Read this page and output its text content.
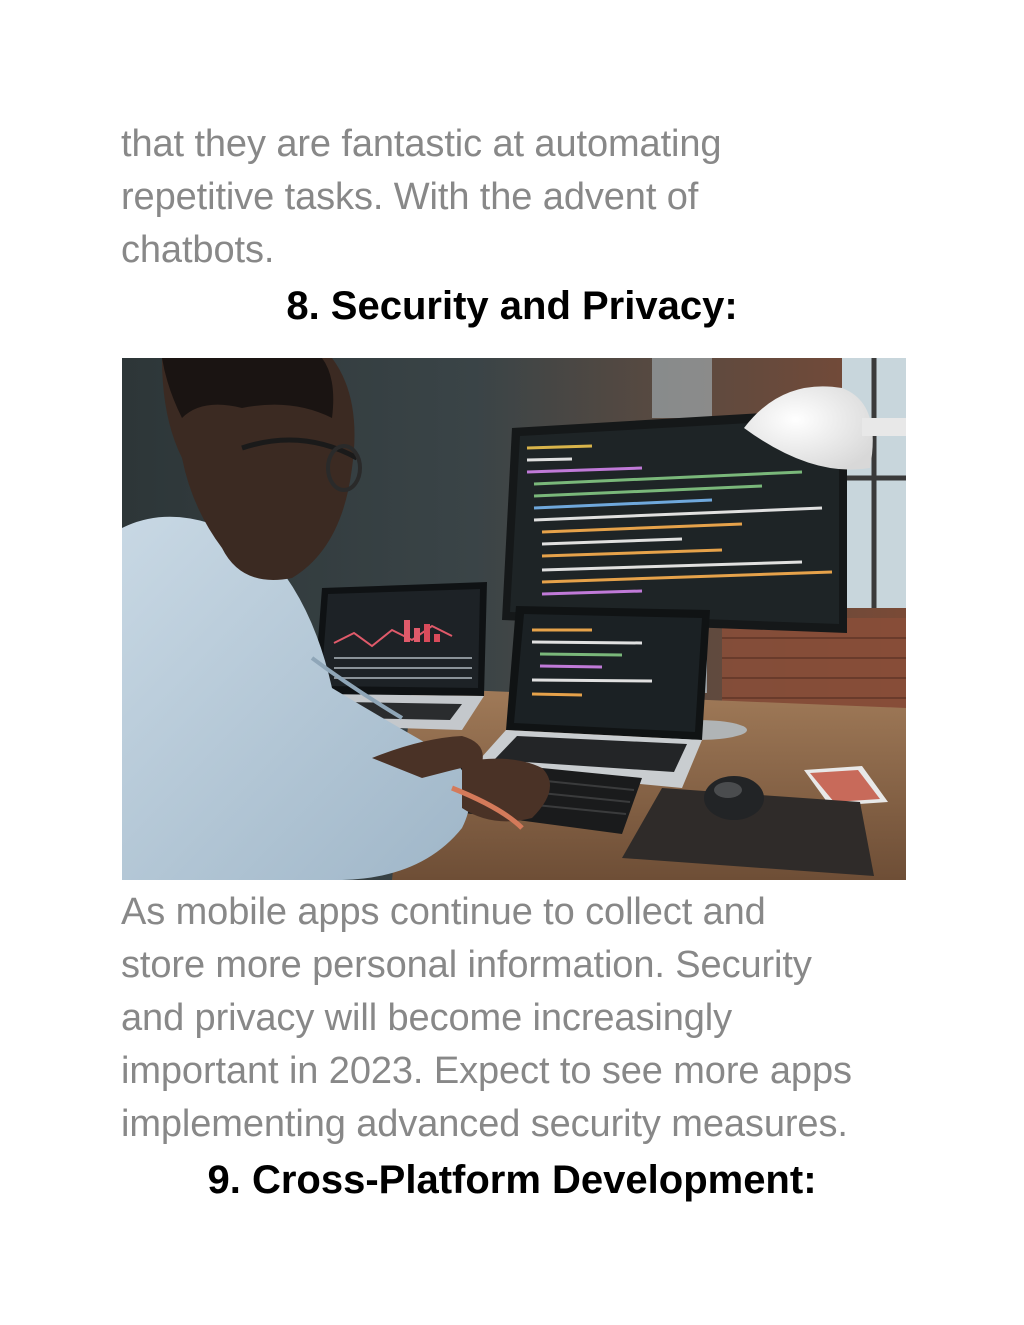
that they are fantastic at automating
repetitive tasks. With the advent of
chatbots.
8. Security and Privacy:
As mobile apps continue to collect and
store more personal information. Security
and privacy will become increasingly
important in 2023. Expect to see more apps
implementing advanced security measures.
9. Cross-Platform Development:
